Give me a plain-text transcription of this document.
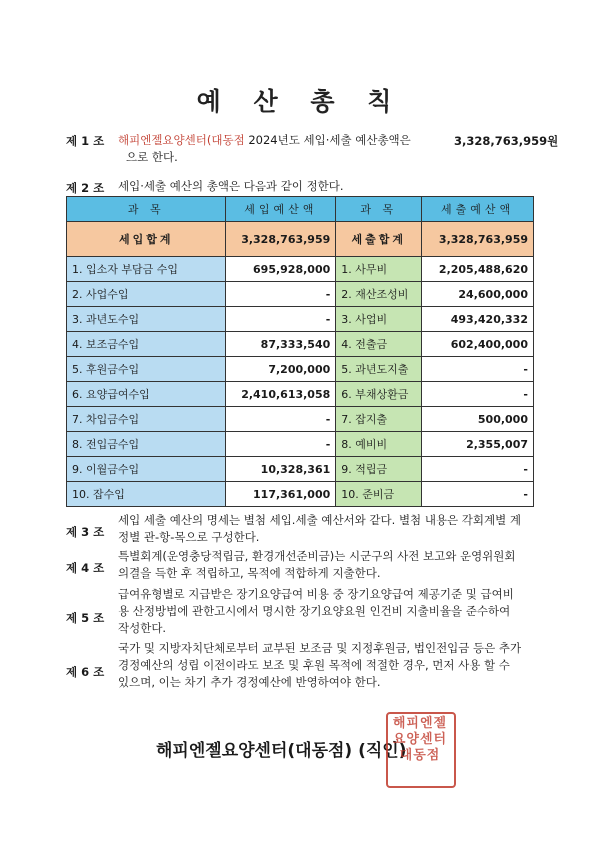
예 산 총 칙
제 1 조 해피엔젤요양센터(대동점 2024년도 세입·세출 예산총액은
으로 한다.
3,328,763,959원
제 2 조 세입·세출 예산의 총액은 다음과 같이 정한다.
과 목	세입예산액	과 목	세출예산액
세입합계	3,328,763,959	세출합계	3,328,763,959
1. 입소자 부담금 수입	695,928,000	1. 사무비	2,205,488,620
2. 사업수입	-	2. 재산조성비	24,600,000
3. 과년도수입	-	3. 사업비	493,420,332
4. 보조금수입	87,333,540	4. 전출금	602,400,000
5. 후원금수입	7,200,000	5. 과년도지출	-
6. 요양급여수입	2,410,613,058	6. 부채상환금	-
7. 차입금수입	-	7. 잡지출	500,000
8. 전입금수입	-	8. 예비비	2,355,007
9. 이월금수입	10,328,361	9. 적립금	-
10. 잡수입	117,361,000	10. 준비금	-
제 3 조
세입 세출 예산의 명세는 별첨 세입.세출 예산서와 같다. 별첨 내용은 각회계별 계
정별 관-항-목으로 구성한다.
제 4 조
특별회계(운영충당적립금, 환경개선준비금)는 시군구의 사전 보고와 운영위원회
의결을 득한 후 적립하고, 목적에 적합하게 지출한다.
제 5 조
급여유형별로 지급받은 장기요양급여 비용 중 장기요양급여 제공기준 및 급여비
용 산정방법에 관한고시에서 명시한 장기요양요원 인건비 지출비율을 준수하여
작성한다.
제 6 조
국가 및 지방자치단체로부터 교부된 보조금 및 지정후원금, 법인전입금 등은 추가
경정예산의 성립 이전이라도 보조 및 후원 목적에 적절한 경우, 먼저 사용 할 수
있으며, 이는 차기 추가 경정예산에 반영하여야 한다.
해피엔젤요양센터(대동점) (직인)
해피엔젤요양센터대동점
